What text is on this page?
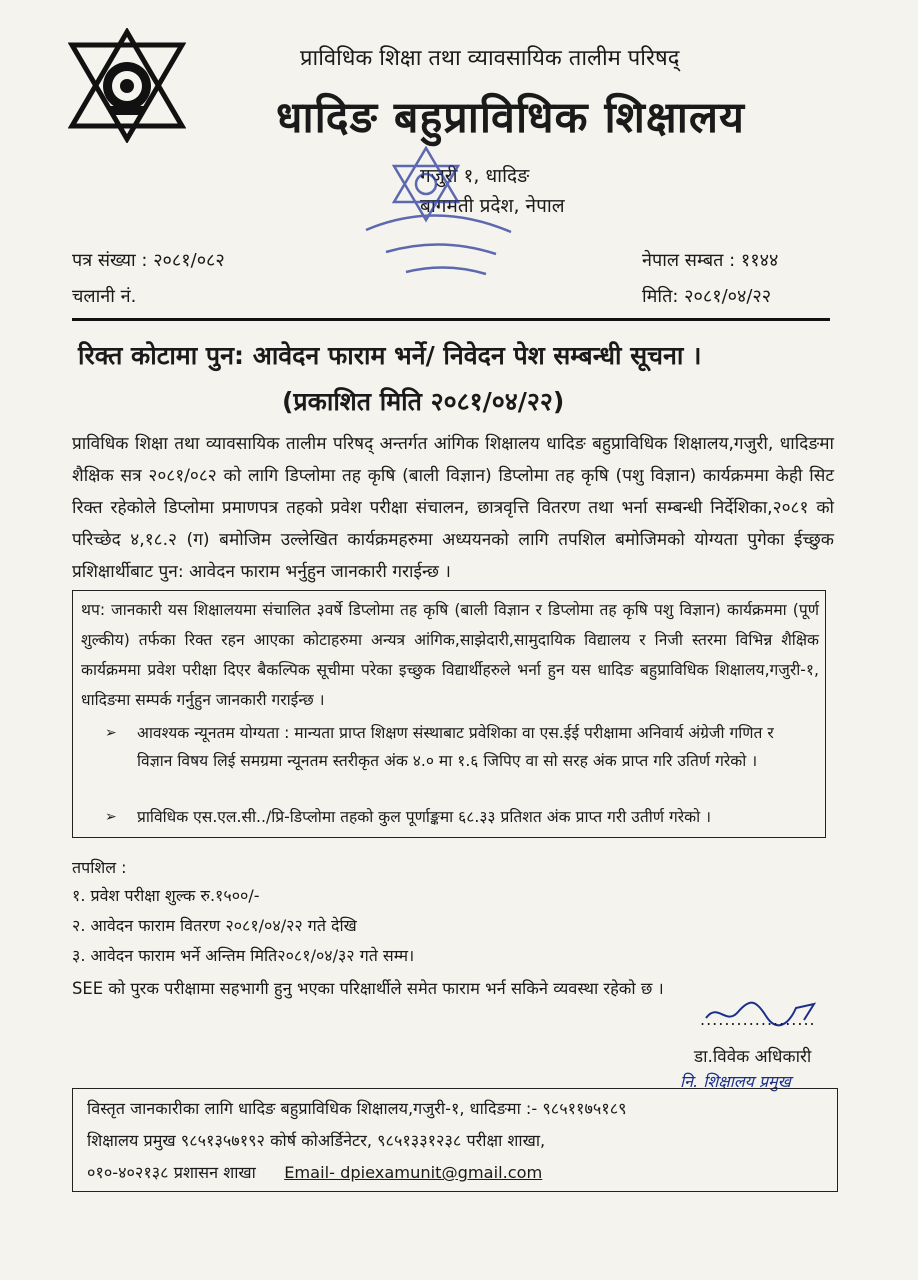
प्राविधिक शिक्षा तथा व्यावसायिक तालीम परिषद्
धादिङ बहुप्राविधिक शिक्षालय
गजुरी १, धादिङ
बागमती प्रदेश, नेपाल
पत्र संख्या : २०८१/०८२
चलानी नं.
नेपाल सम्बत : ११४४
मिति: २०८१/०४/२२
रिक्त कोटामा पुन: आवेदन फाराम भर्ने/ निवेदन पेश सम्बन्धी सूचना ।
(प्रकाशित मिति २०८१/०४/२२)
प्राविधिक शिक्षा तथा व्यावसायिक तालीम परिषद् अन्तर्गत आंगिक शिक्षालय धादिङ बहुप्राविधिक शिक्षालय,गजुरी, धादिङमा शैक्षिक सत्र २०८१/०८२ को लागि डिप्लोमा तह कृषि (बाली विज्ञान) डिप्लोमा तह कृषि (पशु विज्ञान) कार्यक्रममा केही सिट रिक्त रहेकोले डिप्लोमा प्रमाणपत्र तहको प्रवेश परीक्षा संचालन, छात्रवृत्ति वितरण तथा भर्ना सम्बन्धी निर्देशिका,२०८१ को परिच्छेद ४,१८.२ (ग) बमोजिम उल्लेखित कार्यक्रमहरुमा अध्ययनको लागि तपशिल बमोजिमको योग्यता पुगेका ईच्छुक प्रशिक्षार्थीबाट पुन: आवेदन फाराम भर्नुहुन जानकारी गराईन्छ ।
थप: जानकारी यस शिक्षालयमा संचालित ३वर्षे डिप्लोमा तह कृषि (बाली विज्ञान र डिप्लोमा तह कृषि पशु विज्ञान) कार्यक्रममा (पूर्ण शुल्कीय) तर्फका रिक्त रहन आएका कोटाहरुमा अन्यत्र आंगिक,साझेदारी,सामुदायिक विद्यालय र निजी स्तरमा विभिन्न शैक्षिक कार्यक्रममा प्रवेश परीक्षा दिएर बैकल्पिक सूचीमा परेका इच्छुक विद्यार्थीहरुले भर्ना हुन यस धादिङ बहुप्राविधिक शिक्षालय,गजुरी-१, धादिङमा सम्पर्क गर्नुहुन जानकारी गराईन्छ ।
➢ आवश्यक न्यूनतम योग्यता : मान्यता प्राप्त शिक्षण संस्थाबाट प्रवेशिका वा एस.ईई परीक्षामा अनिवार्य अंग्रेजी गणित र विज्ञान विषय लिई समग्रमा न्यूनतम स्तरीकृत अंक ४.० मा १.६ जिपिए वा सो सरह अंक प्राप्त गरि उतिर्ण गरेको ।
➢ प्राविधिक एस.एल.सी../प्रि-डिप्लोमा तहको कुल पूर्णाङ्कमा ६८.३३ प्रतिशत अंक प्राप्त गरी उतीर्ण गरेको ।
तपशिल :
१. प्रवेश परीक्षा शुल्क रु.१५००/-
२. आवेदन फाराम वितरण २०८१/०४/२२ गते देखि
३. आवेदन फाराम भर्ने अन्तिम मिति२०८१/०४/३२ गते सम्म।
SEE को पुरक परीक्षामा सहभागी हुनु भएका परिक्षार्थीले समेत फाराम भर्न सकिने व्यवस्था रहेको छ ।
...................
डा.विवेक अधिकारी
नि. शिक्षालय प्रमुख
विस्तृत जानकारीका लागि धादिङ बहुप्राविधिक शिक्षालय,गजुरी-१, धादिङमा :- ९८५११७५१८९
शिक्षालय प्रमुख ९८५१३५७१९२ कोर्ष कोअर्डिनेटर, ९८५१३३१२३८ परीक्षा शाखा,
०१०-४०२१३८ प्रशासन शाखा Email- dpiexamunit@gmail.com
